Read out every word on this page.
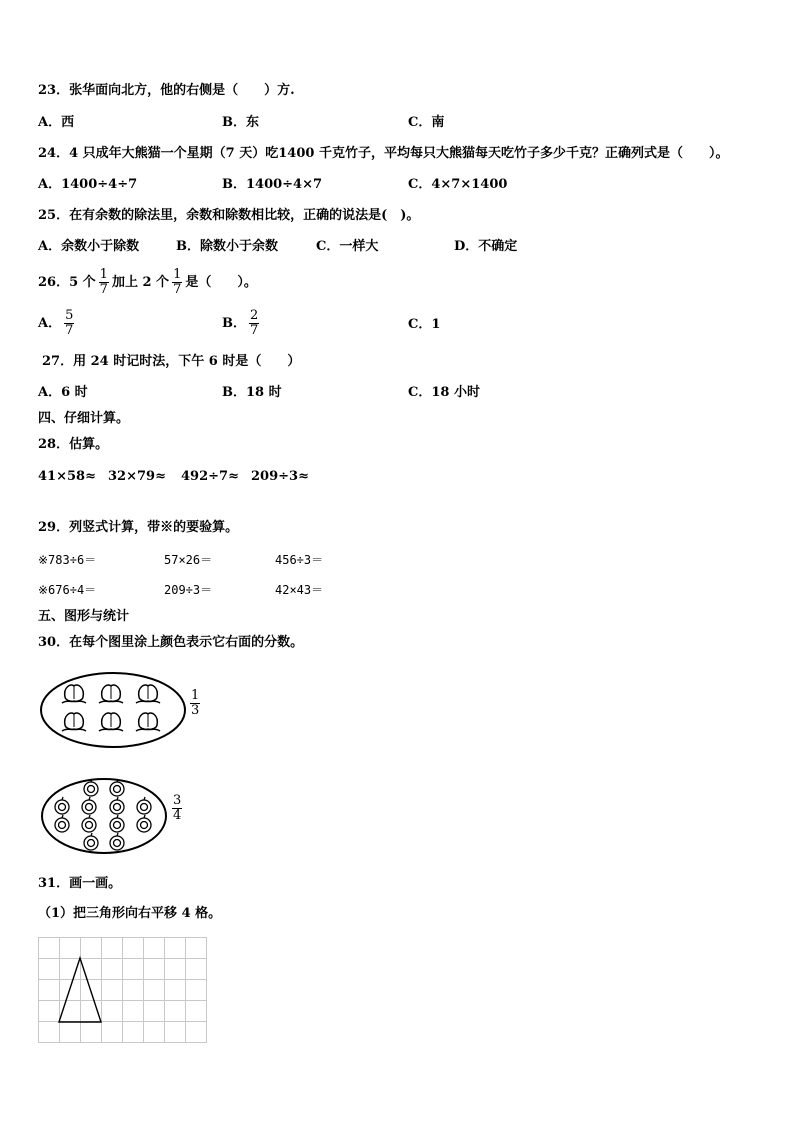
23．张华面向北方，他的右侧是（　　）方.
A．西	B．东	C．南
24．4 只成年大熊猫一个星期（7 天）吃1400 千克竹子，平均每只大熊猫每天吃竹子多少千克？正确列式是（　　）。
A．1400÷4÷7	B．1400÷4×7	C．4×7×1400
25．在有余数的除法里，余数和除数相比较，正确的说法是(　)。
A．余数小于除数	B．除数小于余数	C．一样大	D．不确定
26．5 个 $\frac{1}{7}$ 加上 2 个 $\frac{1}{7}$ 是（　　）。
A． $\frac{5}{7}$	B． $\frac{2}{7}$	C．1
27．用 24 时记时法，下午 6 时是（　　）
A．6 时	B．18 时	C．18 小时
四、仔细计算。
28．估算。
41×58≈ 32×79≈ 492÷7≈ 209÷3≈
29．列竖式计算，带※的要验算。
※783÷6＝	57×26＝	456÷3＝
※676÷4＝	209÷3＝	42×43＝
五、图形与统计
30．在每个图里涂上颜色表示它右面的分数。
$\frac{1}{3}$
$\frac{3}{4}$
31．画一画。
（1）把三角形向右平移 4 格。
